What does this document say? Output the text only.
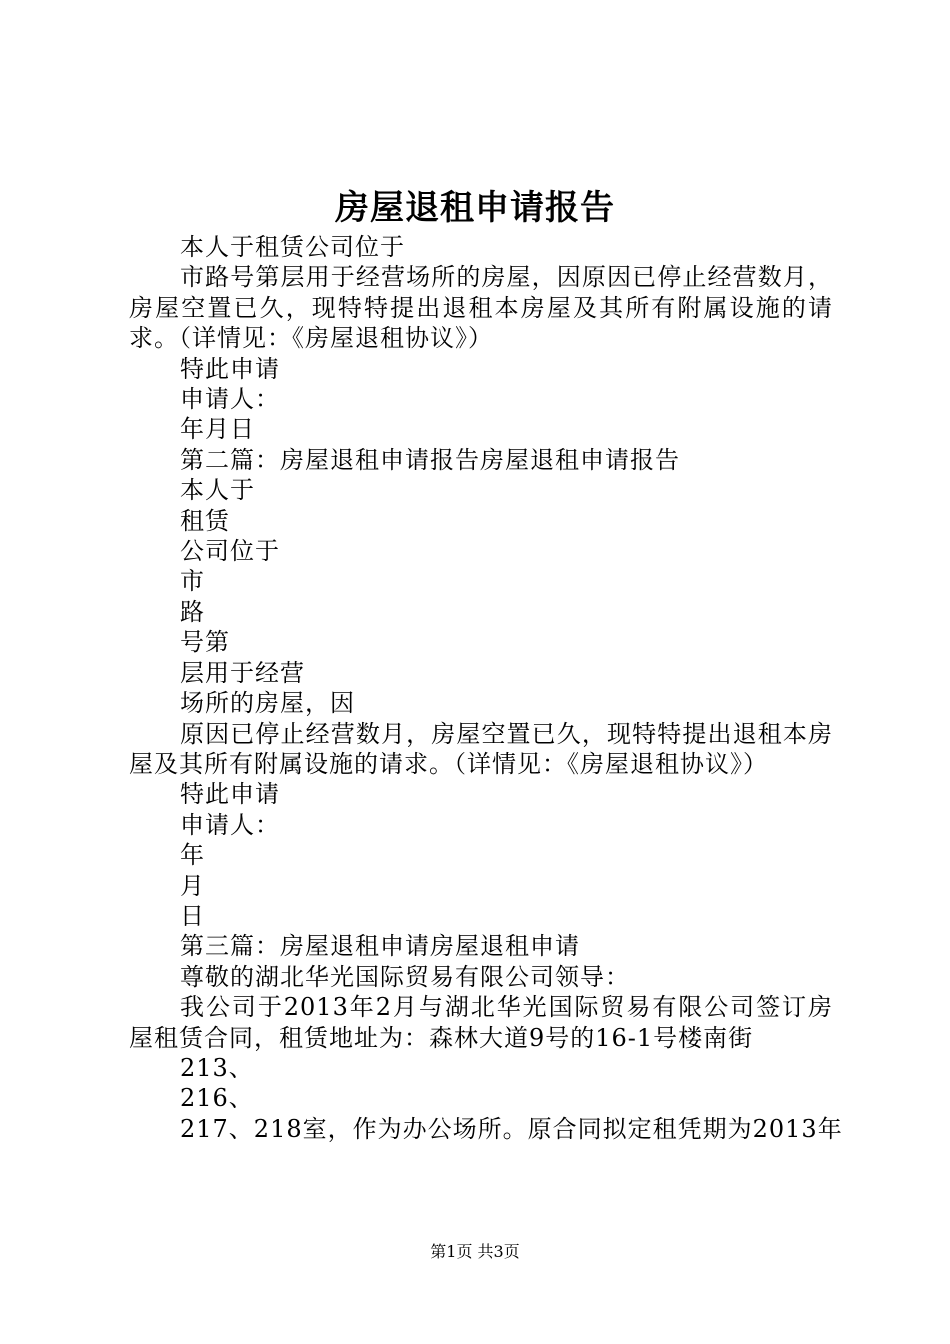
房屋退租申请报告
本人于租赁公司位于
市路号第层用于经营场所的房屋，因原因已停止经营数月，房屋空置已久，现特特提出退租本房屋及其所有附属设施的请求。（详情见：《房屋退租协议》）
特此申请
申请人：
年月日
第二篇：房屋退租申请报告房屋退租申请报告
本人于
租赁
公司位于
市
路
号第
层用于经营
场所的房屋，因
原因已停止经营数月，房屋空置已久，现特特提出退租本房屋及其所有附属设施的请求。（详情见：《房屋退租协议》）
特此申请
申请人：
年
月
日
第三篇：房屋退租申请房屋退租申请
尊敬的湖北华光国际贸易有限公司领导：
我公司于2013年2月与湖北华光国际贸易有限公司签订房屋租赁合同，租赁地址为：森林大道9号的16-1号楼南街
213、
216、
217、218室，作为办公场所。原合同拟定租凭期为2013年
第1页 共3页
